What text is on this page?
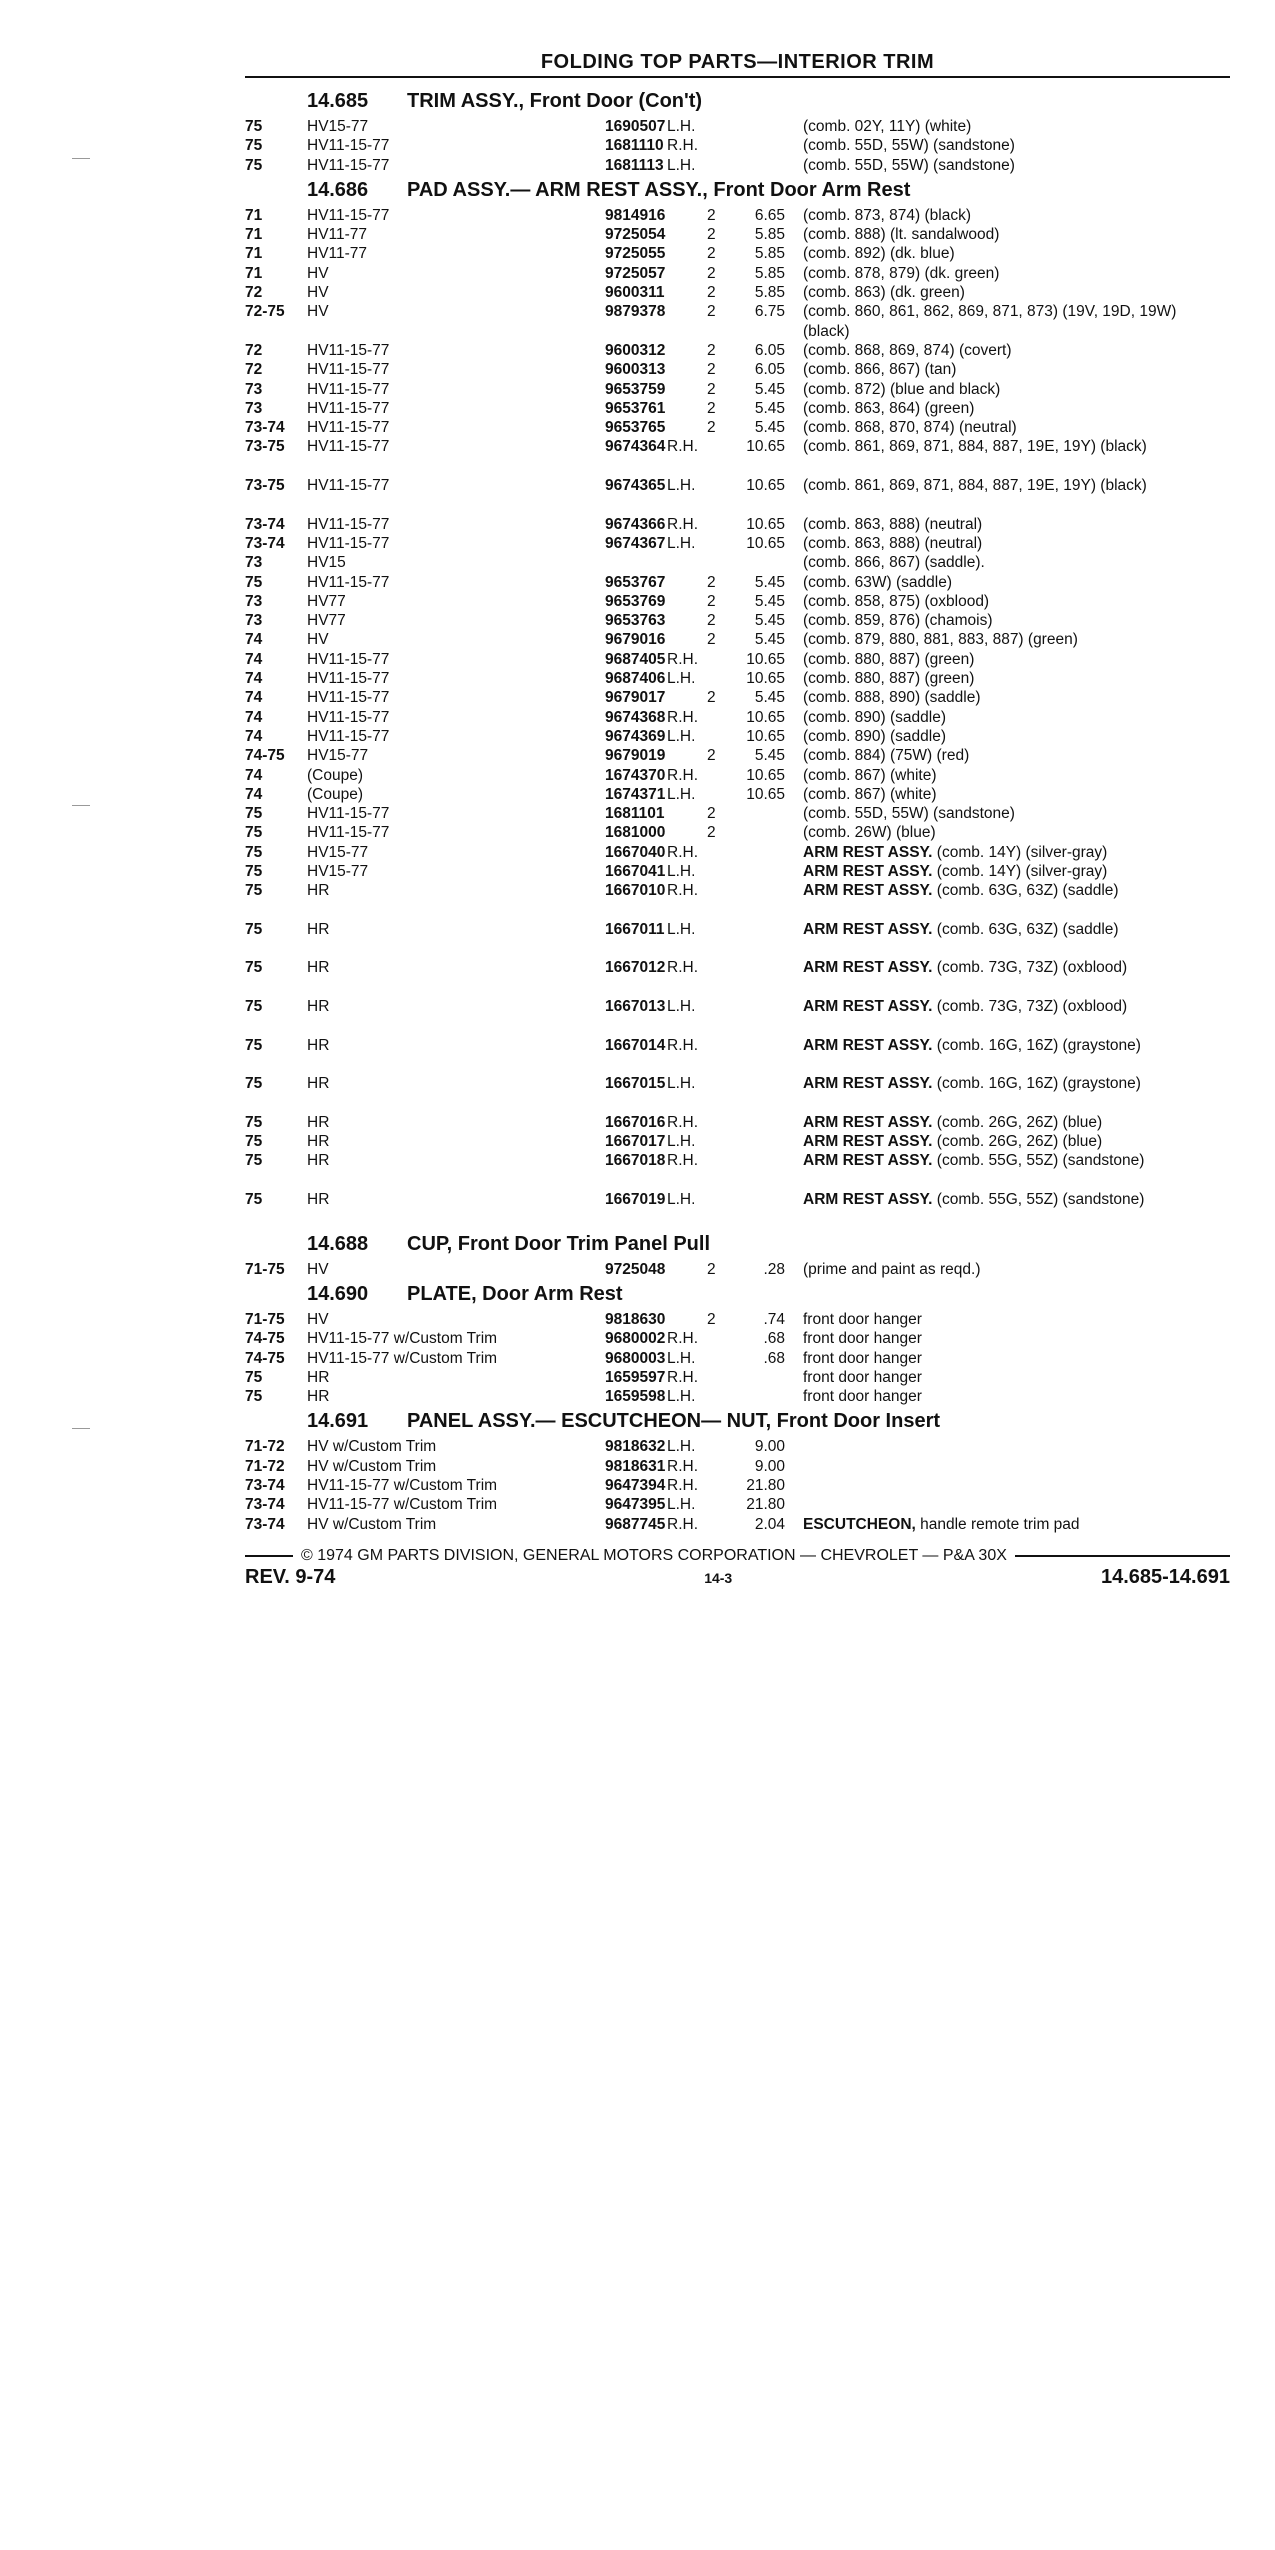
FOLDING TOP PARTS—INTERIOR TRIM
14.685 TRIM ASSY., Front Door (Con't)
75	HV15-77	1690507 L.H.	(comb. 02Y, 11Y) (white)
75	HV11-15-77	1681110 R.H.	(comb. 55D, 55W) (sandstone)
75	HV11-15-77	1681113 L.H.	(comb. 55D, 55W) (sandstone)
14.686 PAD ASSY.— ARM REST ASSY., Front Door Arm Rest
71	HV11-15-77	9814916	2	6.65 (comb. 873, 874) (black)
71	HV11-77	9725054	2	5.85 (comb. 888) (lt. sandalwood)
71	HV11-77	9725055	2	5.85 (comb. 892) (dk. blue)
71	HV	9725057	2	5.85 (comb. 878, 879) (dk. green)
72	HV	9600311	2	5.85 (comb. 863) (dk. green)
72-75	HV	9879378	2	6.75 (comb. 860, 861, 862, 869, 871, 873) (19V, 19D, 19W) (black)
72	HV11-15-77	9600312	2	6.05 (comb. 868, 869, 874) (covert)
72	HV11-15-77	9600313	2	6.05 (comb. 866, 867) (tan)
73	HV11-15-77	9653759	2	5.45 (comb. 872) (blue and black)
73	HV11-15-77	9653761	2	5.45 (comb. 863, 864) (green)
73-74	HV11-15-77	9653765	2	5.45 (comb. 868, 870, 874) (neutral)
73-75	HV11-15-77	9674364 R.H.	10.65 (comb. 861, 869, 871, 884, 887, 19E, 19Y) (black)
73-75	HV11-15-77	9674365 L.H.	10.65 (comb. 861, 869, 871, 884, 887, 19E, 19Y) (black)
73-74	HV11-15-77	9674366 R.H.	10.65 (comb. 863, 888) (neutral)
73-74	HV11-15-77	9674367 L.H.	10.65 (comb. 863, 888) (neutral)
73	HV15	(comb. 866, 867) (saddle).
75	HV11-15-77	9653767	2	5.45 (comb. 63W) (saddle)
73	HV77	9653769	2	5.45 (comb. 858, 875) (oxblood)
73	HV77	9653763	2	5.45 (comb. 859, 876) (chamois)
74	HV	9679016	2	5.45 (comb. 879, 880, 881, 883, 887) (green)
74	HV11-15-77	9687405 R.H.	10.65 (comb. 880, 887) (green)
74	HV11-15-77	9687406 L.H.	10.65 (comb. 880, 887) (green)
74	HV11-15-77	9679017	2	5.45 (comb. 888, 890) (saddle)
74	HV11-15-77	9674368 R.H.	10.65 (comb. 890) (saddle)
74	HV11-15-77	9674369 L.H.	10.65 (comb. 890) (saddle)
74-75	HV15-77	9679019	2	5.45 (comb. 884) (75W) (red)
74	(Coupe)	1674370 R.H.	10.65 (comb. 867) (white)
74	(Coupe)	1674371 L.H.	10.65 (comb. 867) (white)
75	HV11-15-77	1681101	2	(comb. 55D, 55W) (sandstone)
75	HV11-15-77	1681000	2	(comb. 26W) (blue)
75	HV15-77	1667040 R.H.	ARM REST ASSY. (comb. 14Y) (silver-gray)
75	HV15-77	1667041 L.H.	ARM REST ASSY. (comb. 14Y) (silver-gray)
75	HR	1667010 R.H.	ARM REST ASSY. (comb. 63G, 63Z) (saddle)
75	HR	1667011 L.H.	ARM REST ASSY. (comb. 63G, 63Z) (saddle)
75	HR	1667012 R.H.	ARM REST ASSY. (comb. 73G, 73Z) (oxblood)
75	HR	1667013 L.H.	ARM REST ASSY. (comb. 73G, 73Z) (oxblood)
75	HR	1667014 R.H.	ARM REST ASSY. (comb. 16G, 16Z) (graystone)
75	HR	1667015 L.H.	ARM REST ASSY. (comb. 16G, 16Z) (graystone)
75	HR	1667016 R.H.	ARM REST ASSY. (comb. 26G, 26Z) (blue)
75	HR	1667017 L.H.	ARM REST ASSY. (comb. 26G, 26Z) (blue)
75	HR	1667018 R.H.	ARM REST ASSY. (comb. 55G, 55Z) (sandstone)
75	HR	1667019 L.H.	ARM REST ASSY. (comb. 55G, 55Z) (sandstone)
14.688 CUP, Front Door Trim Panel Pull
71-75	HV	9725048	2	.28 (prime and paint as reqd.)
14.690 PLATE, Door Arm Rest
71-75	HV	9818630	2	.74 front door hanger
74-75	HV11-15-77 w/Custom Trim	9680002 R.H.	.68 front door hanger
74-75	HV11-15-77 w/Custom Trim	9680003 L.H.	.68 front door hanger
75	HR	1659597 R.H.	front door hanger
75	HR	1659598 L.H.	front door hanger
14.691 PANEL ASSY.— ESCUTCHEON— NUT, Front Door Insert
71-72	HV w/Custom Trim	9818632 L.H.	9.00
71-72	HV w/Custom Trim	9818631 R.H.	9.00
73-74	HV11-15-77 w/Custom Trim	9647394 R.H.	21.80
73-74	HV11-15-77 w/Custom Trim	9647395 L.H.	21.80
73-74	HV w/Custom Trim	9687745 R.H.	2.04 ESCUTCHEON, handle remote trim pad
© 1974 GM PARTS DIVISION, GENERAL MOTORS CORPORATION — CHEVROLET — P&A 30X
REV. 9-74	14-3	14.685-14.691
